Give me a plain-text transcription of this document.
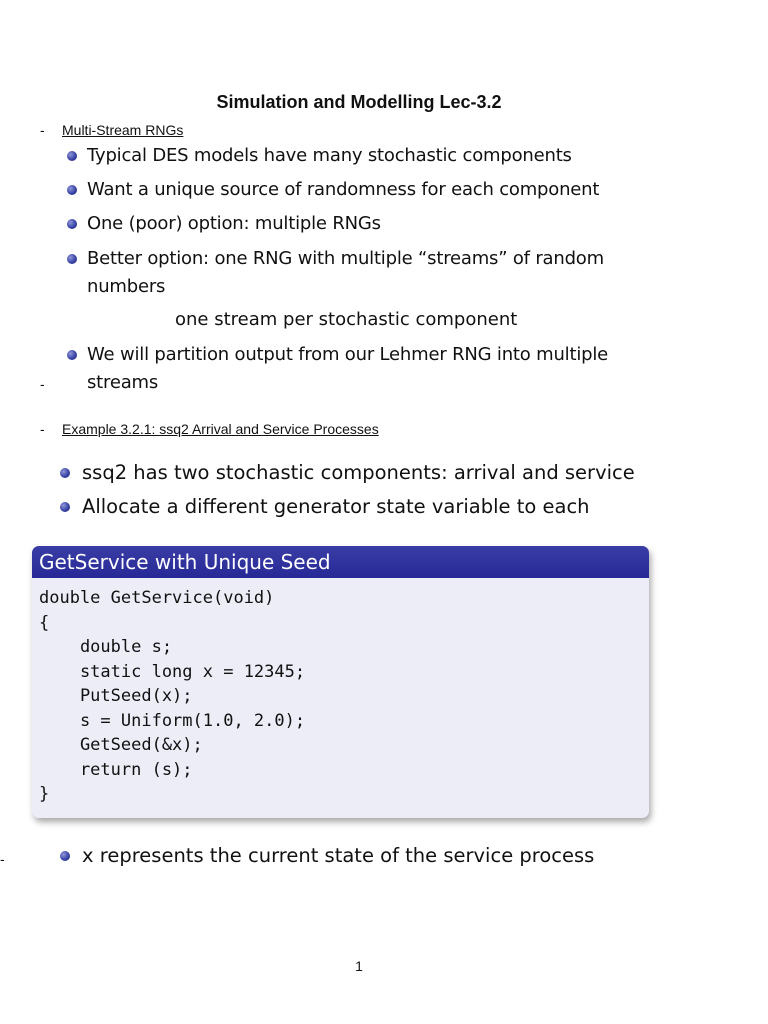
Simulation and Modelling Lec-3.2
- Multi-Stream RNGs
Typical DES models have many stochastic components
Want a unique source of randomness for each component
One (poor) option: multiple RNGs
Better option: one RNG with multiple “streams” of random
numbers
one stream per stochastic component
We will partition output from our Lehmer RNG into multiple
streams
-
- Example 3.2.1: ssq2 Arrival and Service Processes
ssq2 has two stochastic components: arrival and service
Allocate a different generator state variable to each
GetService with Unique Seed
double GetService(void)
{
double s;
static long x = 12345;
PutSeed(x);
s = Uniform(1.0, 2.0);
GetSeed(&x);
return (s);
}
-	x represents the current state of the service process
1
